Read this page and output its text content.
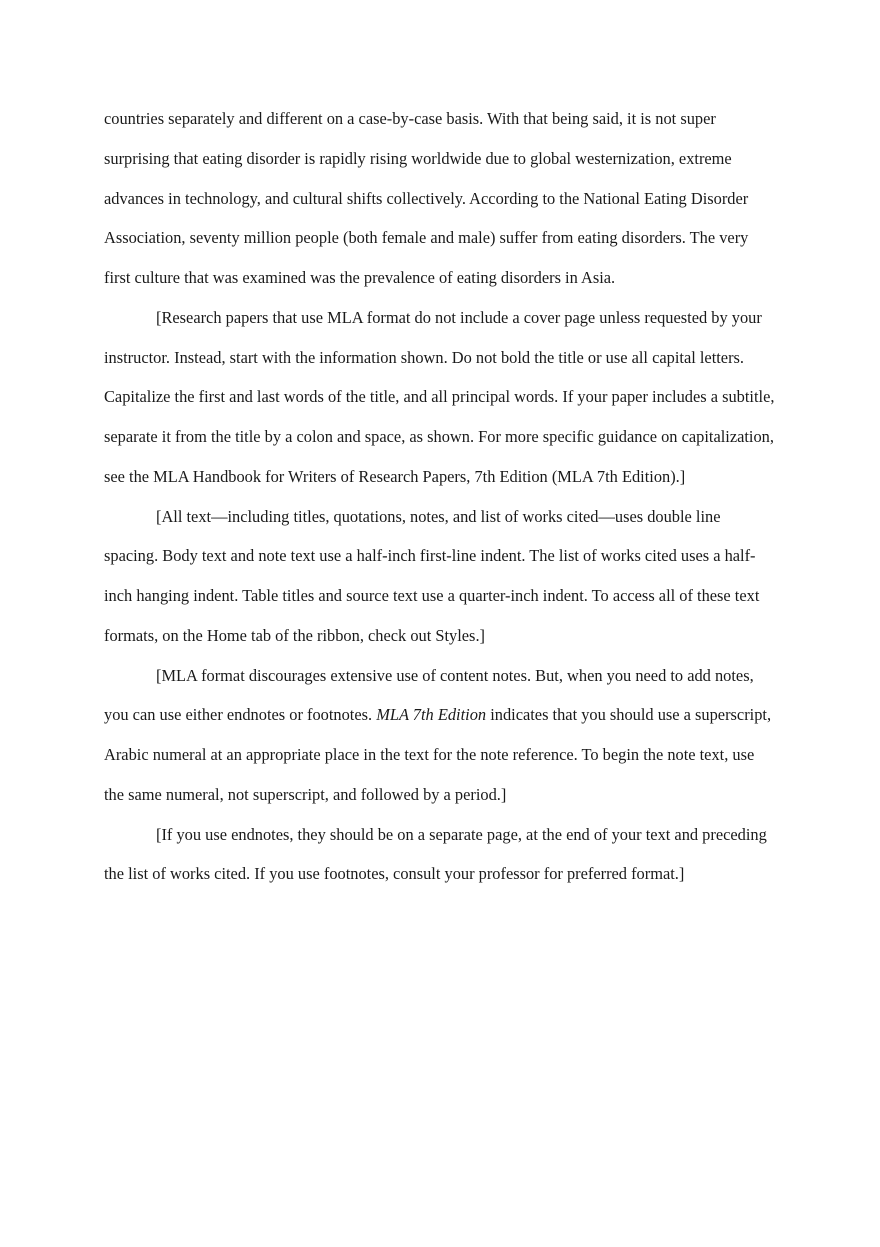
countries separately and different on a case-by-case basis. With that being said, it is not super surprising that eating disorder is rapidly rising worldwide due to global westernization, extreme advances in technology, and cultural shifts collectively. According to the National Eating Disorder Association, seventy million people (both female and male) suffer from eating disorders. The very first culture that was examined was the prevalence of eating disorders in Asia.

[Research papers that use MLA format do not include a cover page unless requested by your instructor. Instead, start with the information shown. Do not bold the title or use all capital letters. Capitalize the first and last words of the title, and all principal words. If your paper includes a subtitle, separate it from the title by a colon and space, as shown. For more specific guidance on capitalization, see the MLA Handbook for Writers of Research Papers, 7th Edition (MLA 7th Edition).]

[All text—including titles, quotations, notes, and list of works cited—uses double line spacing. Body text and note text use a half-inch first-line indent. The list of works cited uses a half-inch hanging indent. Table titles and source text use a quarter-inch indent. To access all of these text formats, on the Home tab of the ribbon, check out Styles.]

[MLA format discourages extensive use of content notes. But, when you need to add notes, you can use either endnotes or footnotes. MLA 7th Edition indicates that you should use a superscript, Arabic numeral at an appropriate place in the text for the note reference. To begin the note text, use the same numeral, not superscript, and followed by a period.]

[If you use endnotes, they should be on a separate page, at the end of your text and preceding the list of works cited. If you use footnotes, consult your professor for preferred format.]
